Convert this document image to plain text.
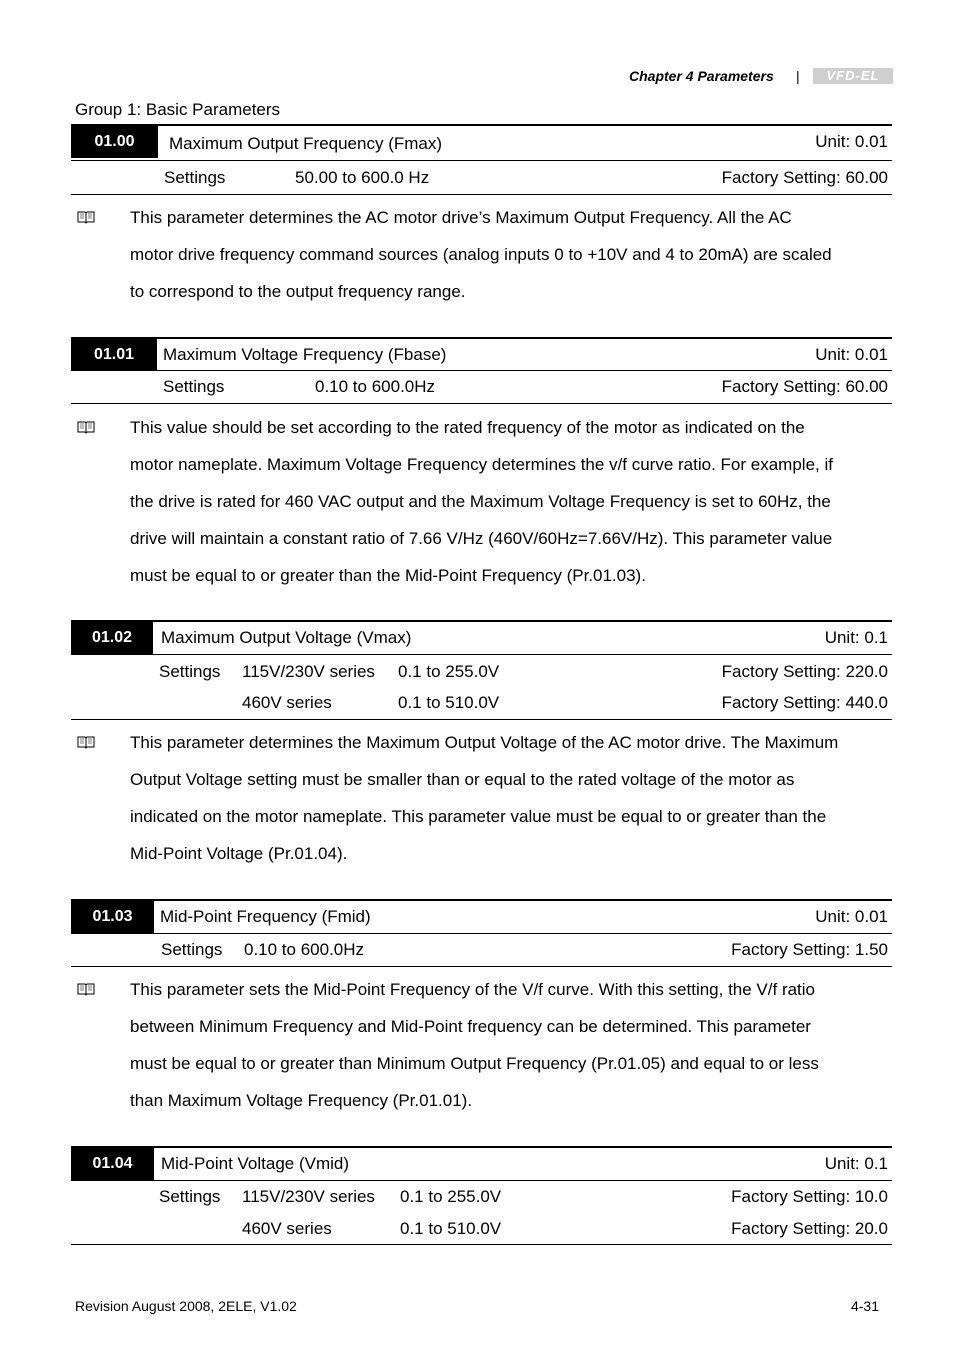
Chapter 4 Parameters |	VFD-EL
Group 1: Basic Parameters
01.00	Maximum Output Frequency (Fmax)	Unit: 0.01
Settings	50.00 to 600.0 Hz	Factory Setting: 60.00
This parameter determines the AC motor drive’s Maximum Output Frequency. All the AC
motor drive frequency command sources (analog inputs 0 to +10V and 4 to 20mA) are scaled
to correspond to the output frequency range.
01.01	Maximum Voltage Frequency (Fbase)	Unit: 0.01
Settings	0.10 to 600.0Hz	Factory Setting: 60.00
This value should be set according to the rated frequency of the motor as indicated on the
motor nameplate. Maximum Voltage Frequency determines the v/f curve ratio. For example, if
the drive is rated for 460 VAC output and the Maximum Voltage Frequency is set to 60Hz, the
drive will maintain a constant ratio of 7.66 V/Hz (460V/60Hz=7.66V/Hz). This parameter value
must be equal to or greater than the Mid-Point Frequency (Pr.01.03).
01.02	Maximum Output Voltage (Vmax)	Unit: 0.1
Settings 115V/230V series 0.1 to 255.0V	Factory Setting: 220.0
460V series	0.1 to 510.0V	Factory Setting: 440.0
This parameter determines the Maximum Output Voltage of the AC motor drive. The Maximum
Output Voltage setting must be smaller than or equal to the rated voltage of the motor as
indicated on the motor nameplate. This parameter value must be equal to or greater than the
Mid-Point Voltage (Pr.01.04).
01.03	Mid-Point Frequency (Fmid)	Unit: 0.01
Settings 0.10 to 600.0Hz	Factory Setting: 1.50
This parameter sets the Mid-Point Frequency of the V/f curve. With this setting, the V/f ratio
between Minimum Frequency and Mid-Point frequency can be determined. This parameter
must be equal to or greater than Minimum Output Frequency (Pr.01.05) and equal to or less
than Maximum Voltage Frequency (Pr.01.01).
01.04	Mid-Point Voltage (Vmid)	Unit: 0.1
Settings 115V/230V series 0.1 to 255.0V	Factory Setting: 10.0
460V series	0.1 to 510.0V	Factory Setting: 20.0
Revision August 2008, 2ELE, V1.02	4-31
